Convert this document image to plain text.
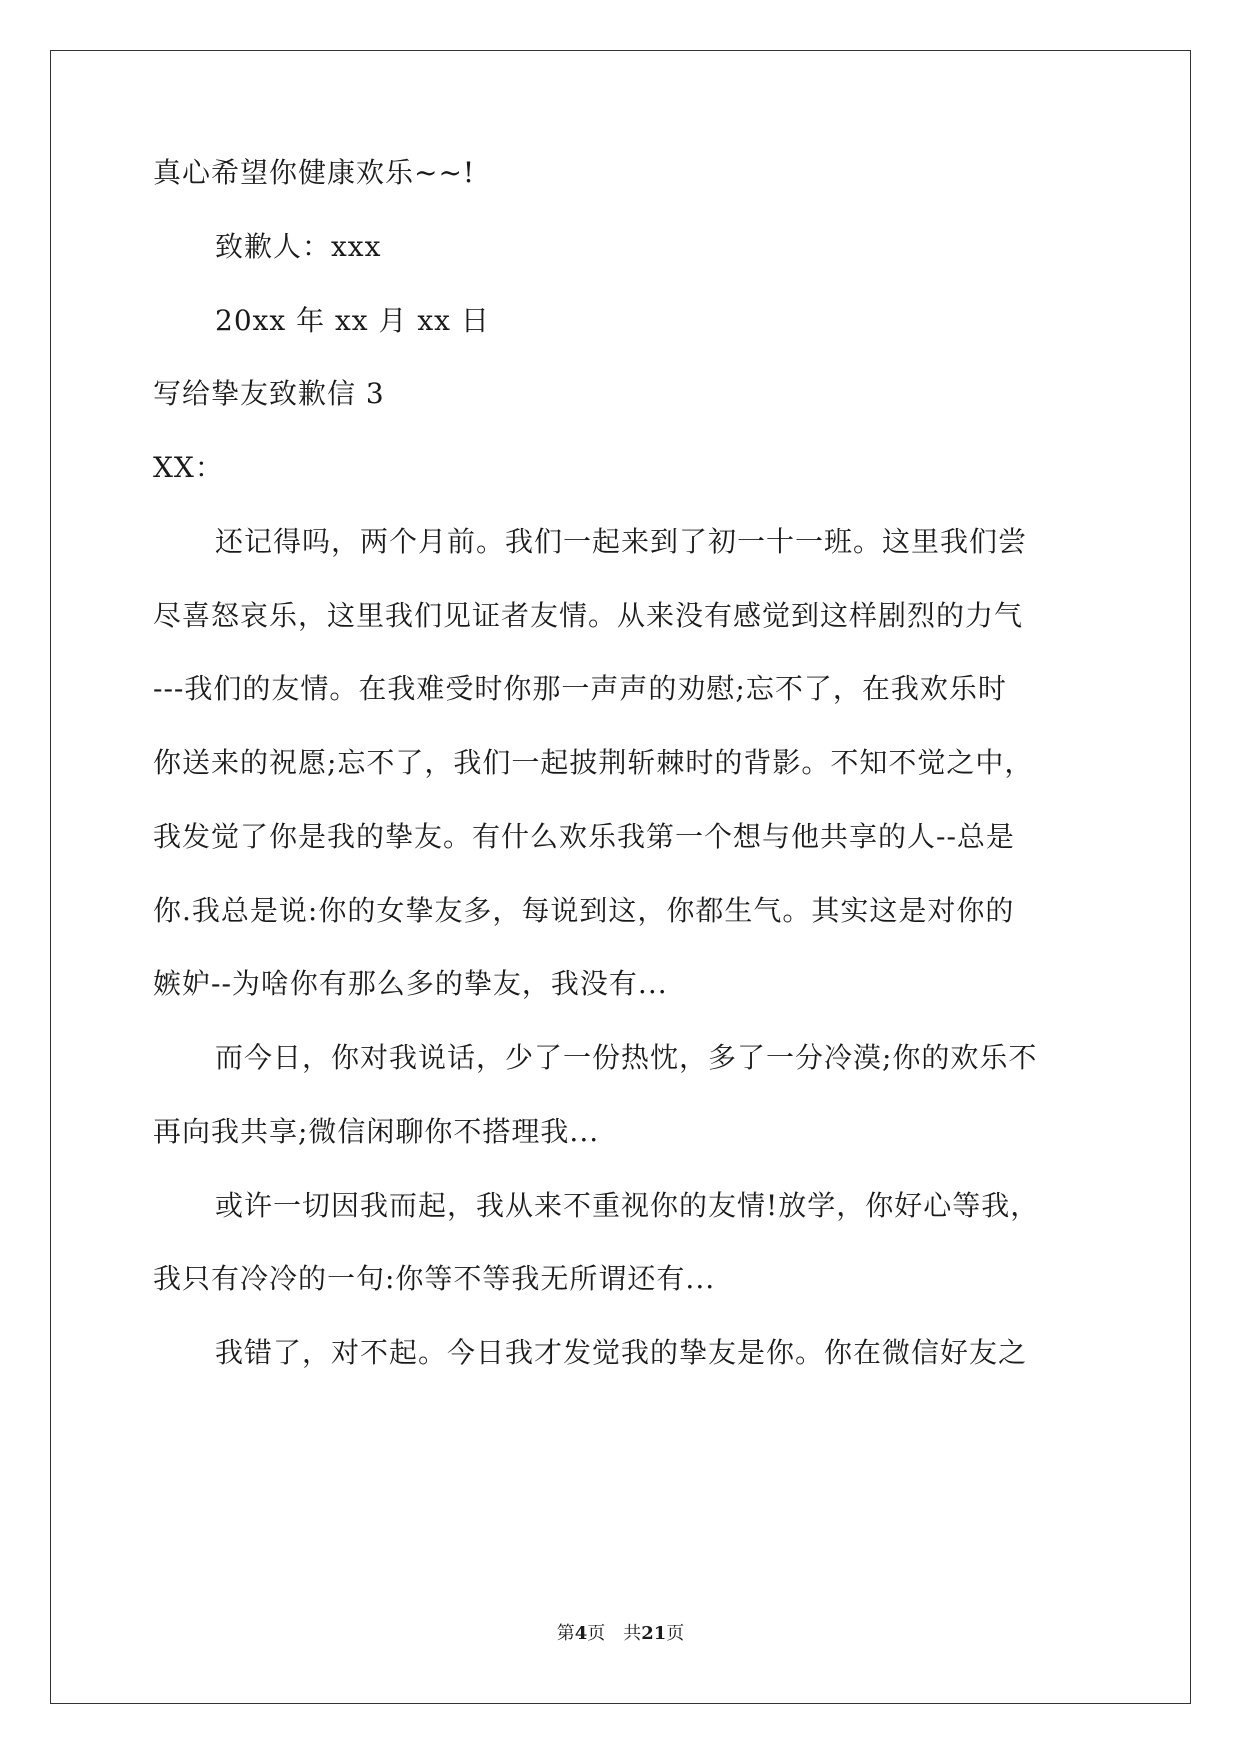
真心希望你健康欢乐~~!
致歉人：xxx
20xx 年 xx 月 xx 日
写给挚友致歉信 3
XX：
还记得吗，两个月前。我们一起来到了初一十一班。这里我们尝
尽喜怒哀乐，这里我们见证者友情。从来没有感觉到这样剧烈的力气
---我们的友情。在我难受时你那一声声的劝慰;忘不了，在我欢乐时
你送来的祝愿;忘不了，我们一起披荆斩棘时的背影。不知不觉之中，
我发觉了你是我的挚友。有什么欢乐我第一个想与他共享的人--总是
你.我总是说:你的女挚友多，每说到这，你都生气。其实这是对你的
嫉妒--为啥你有那么多的挚友，我没有...
而今日，你对我说话，少了一份热忱，多了一分冷漠;你的欢乐不
再向我共享;微信闲聊你不搭理我...
或许一切因我而起，我从来不重视你的友情!放学，你好心等我，
我只有冷冷的一句:你等不等我无所谓还有...
我错了，对不起。今日我才发觉我的挚友是你。你在微信好友之
第4页　共21页
